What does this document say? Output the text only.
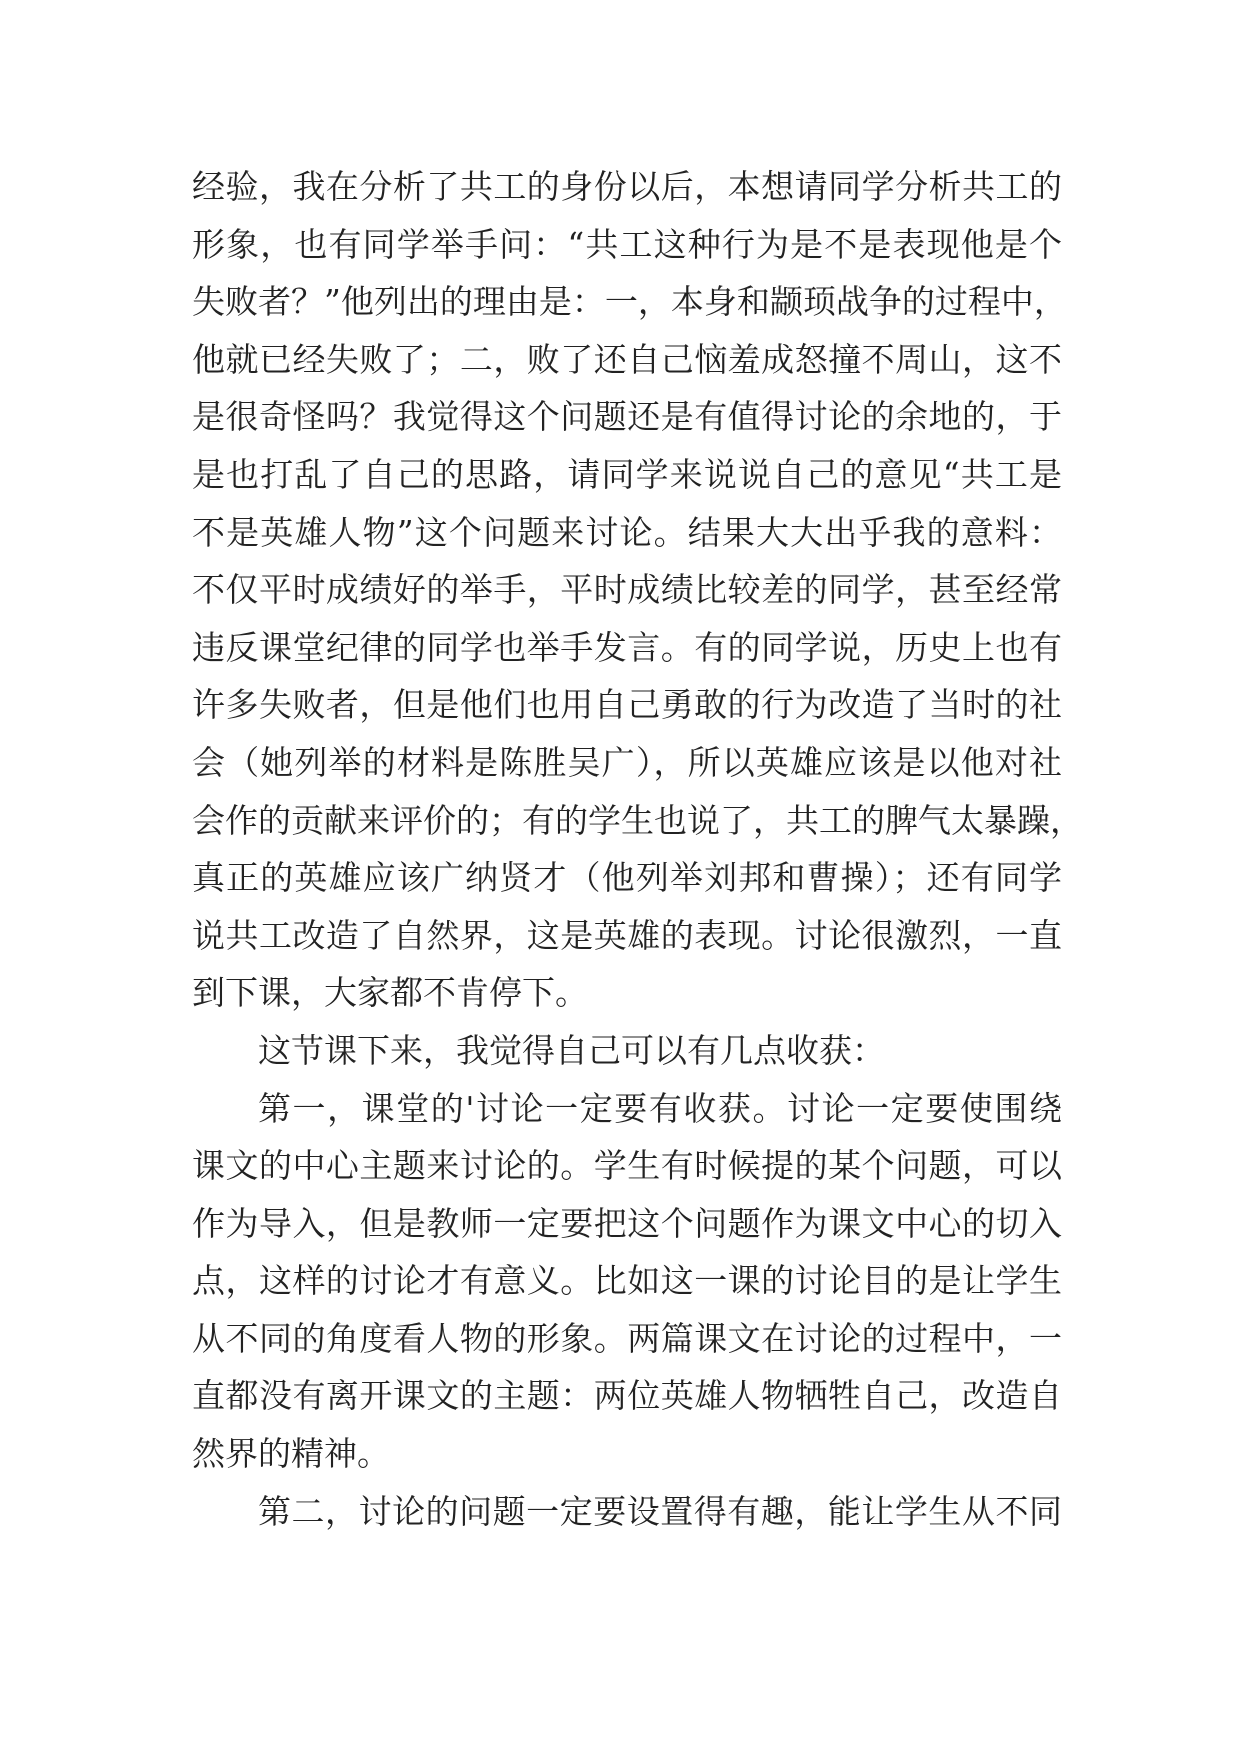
经验，我在分析了共工的身份以后，本想请同学分析共工的
形象，也有同学举手问：“共工这种行为是不是表现他是个
失败者？”他列出的理由是：一，本身和颛顼战争的过程中，
他就已经失败了；二，败了还自己恼羞成怒撞不周山，这不
是很奇怪吗？我觉得这个问题还是有值得讨论的余地的，于
是也打乱了自己的思路，请同学来说说自己的意见“共工是
不是英雄人物”这个问题来讨论。结果大大出乎我的意料：
不仅平时成绩好的举手，平时成绩比较差的同学，甚至经常
违反课堂纪律的同学也举手发言。有的同学说，历史上也有
许多失败者，但是他们也用自己勇敢的行为改造了当时的社
会（她列举的材料是陈胜吴广），所以英雄应该是以他对社
会作的贡献来评价的；有的学生也说了，共工的脾气太暴躁，
真正的英雄应该广纳贤才（他列举刘邦和曹操）；还有同学
说共工改造了自然界，这是英雄的表现。讨论很激烈，一直
到下课，大家都不肯停下。
这节课下来，我觉得自己可以有几点收获：
第一，课堂的'讨论一定要有收获。讨论一定要使围绕
课文的中心主题来讨论的。学生有时候提的某个问题，可以
作为导入，但是教师一定要把这个问题作为课文中心的切入
点，这样的讨论才有意义。比如这一课的讨论目的是让学生
从不同的角度看人物的形象。两篇课文在讨论的过程中，一
直都没有离开课文的主题：两位英雄人物牺牲自己，改造自
然界的精神。
第二，讨论的问题一定要设置得有趣，能让学生从不同
